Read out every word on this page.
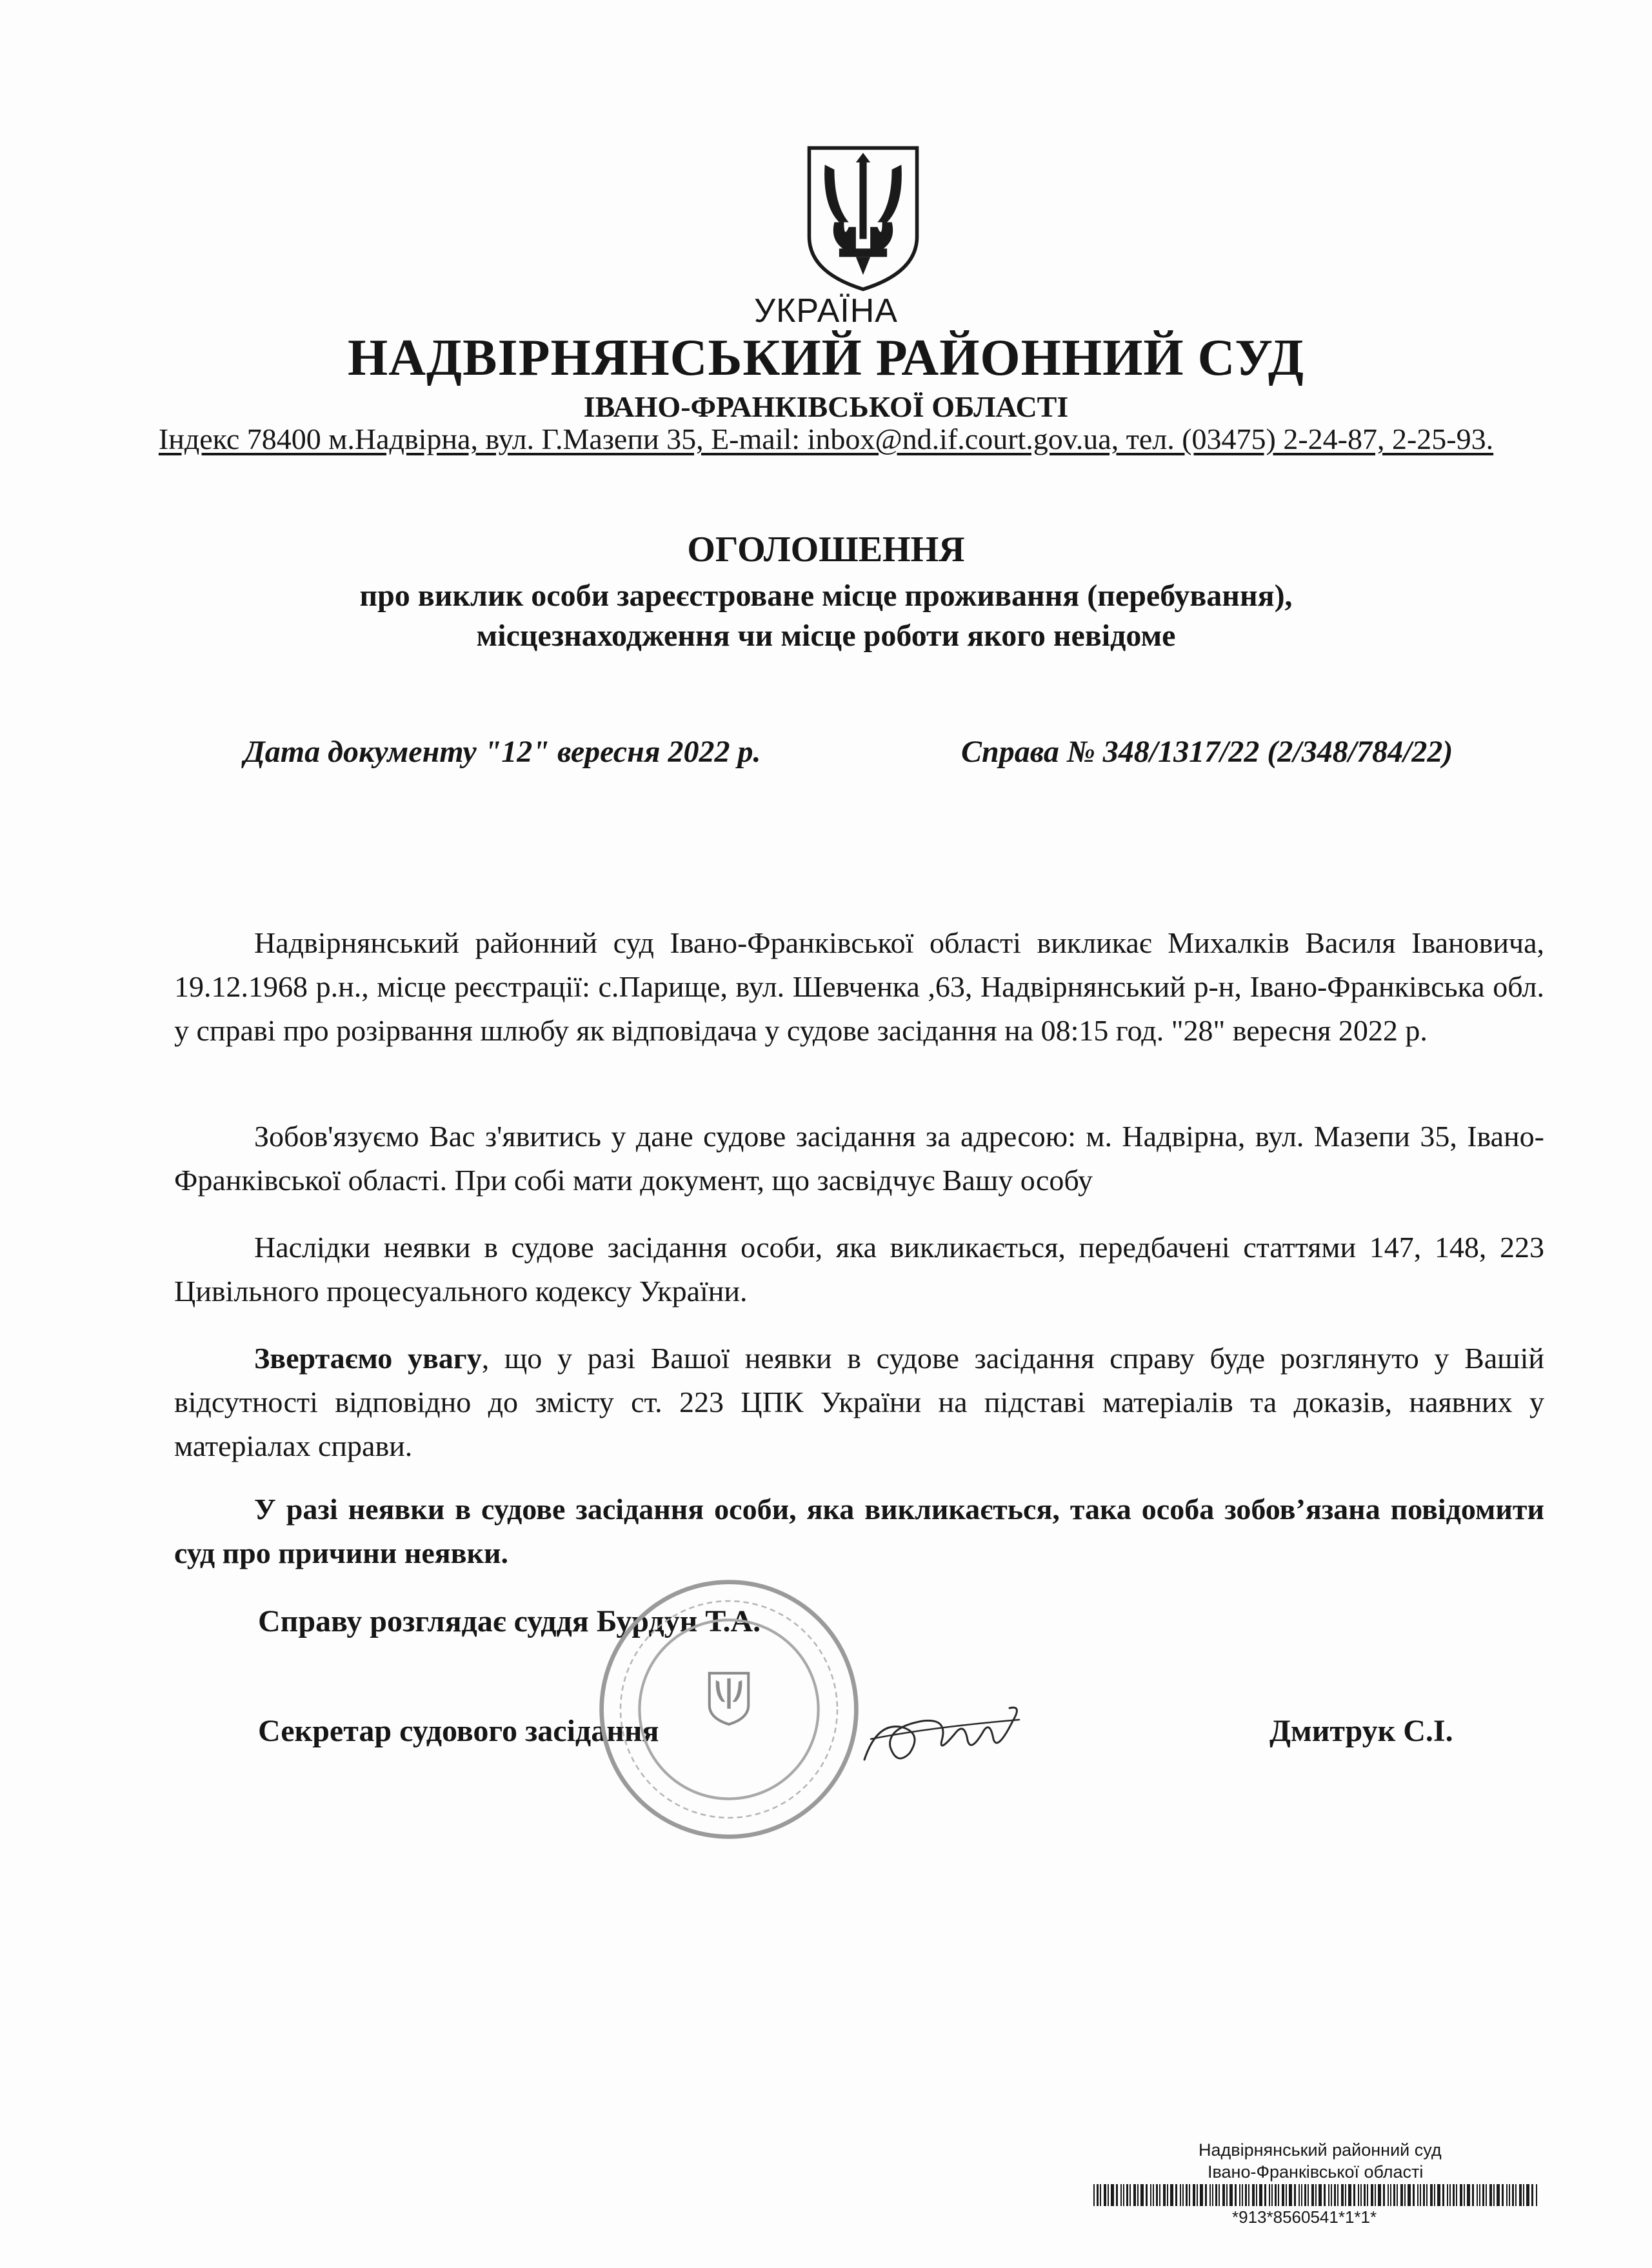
УКРАЇНА
НАДВІРНЯНСЬКИЙ РАЙОННИЙ СУД
ІВАНО-ФРАНКІВСЬКОЇ ОБЛАСТІ
Індекс 78400 м.Надвірна, вул. Г.Мазепи 35, E-mail: inbox@nd.if.court.gov.ua, тел. (03475) 2-24-87, 2-25-93.
ОГОЛОШЕННЯ
про виклик особи зареєстроване місце проживання (перебування),
місцезнаходження чи місце роботи якого невідоме
Дата документу "12" вересня 2022 р.	Справа № 348/1317/22 (2/348/784/22)
Надвірнянський районний суд Івано-Франківської області викликає Михалків Василя Івановича, 19.12.1968 р.н., місце реєстрації: с.Парище, вул. Шевченка ,63, Надвірнянський р-н, Івано-Франківська обл. у справі про розірвання шлюбу як відповідача у судове засідання на 08:15 год. "28" вересня 2022 р.
Зобов'язуємо Вас з'явитись у дане судове засідання за адресою: м. Надвірна, вул. Мазепи 35, Івано-Франківської області. При собі мати документ, що засвідчує Вашу особу
Наслідки неявки в судове засідання особи, яка викликається, передбачені статтями 147, 148, 223 Цивільного процесуального кодексу України.
Звертаємо увагу, що у разі Вашої неявки в судове засідання справу буде розглянуто у Вашій відсутності відповідно до змісту ст. 223 ЦПК України на підставі матеріалів та доказів, наявних у матеріалах справи.
У разі неявки в судове засідання особи, яка викликається, така особа зобов’язана повідомити суд про причини неявки.
Справу розглядає суддя Бурдун Т.А.
Секретар судового засідання	Дмитрук С.І.
Надвірнянський районний суд
Івано-Франківської області
*913*8560541*1*1*
